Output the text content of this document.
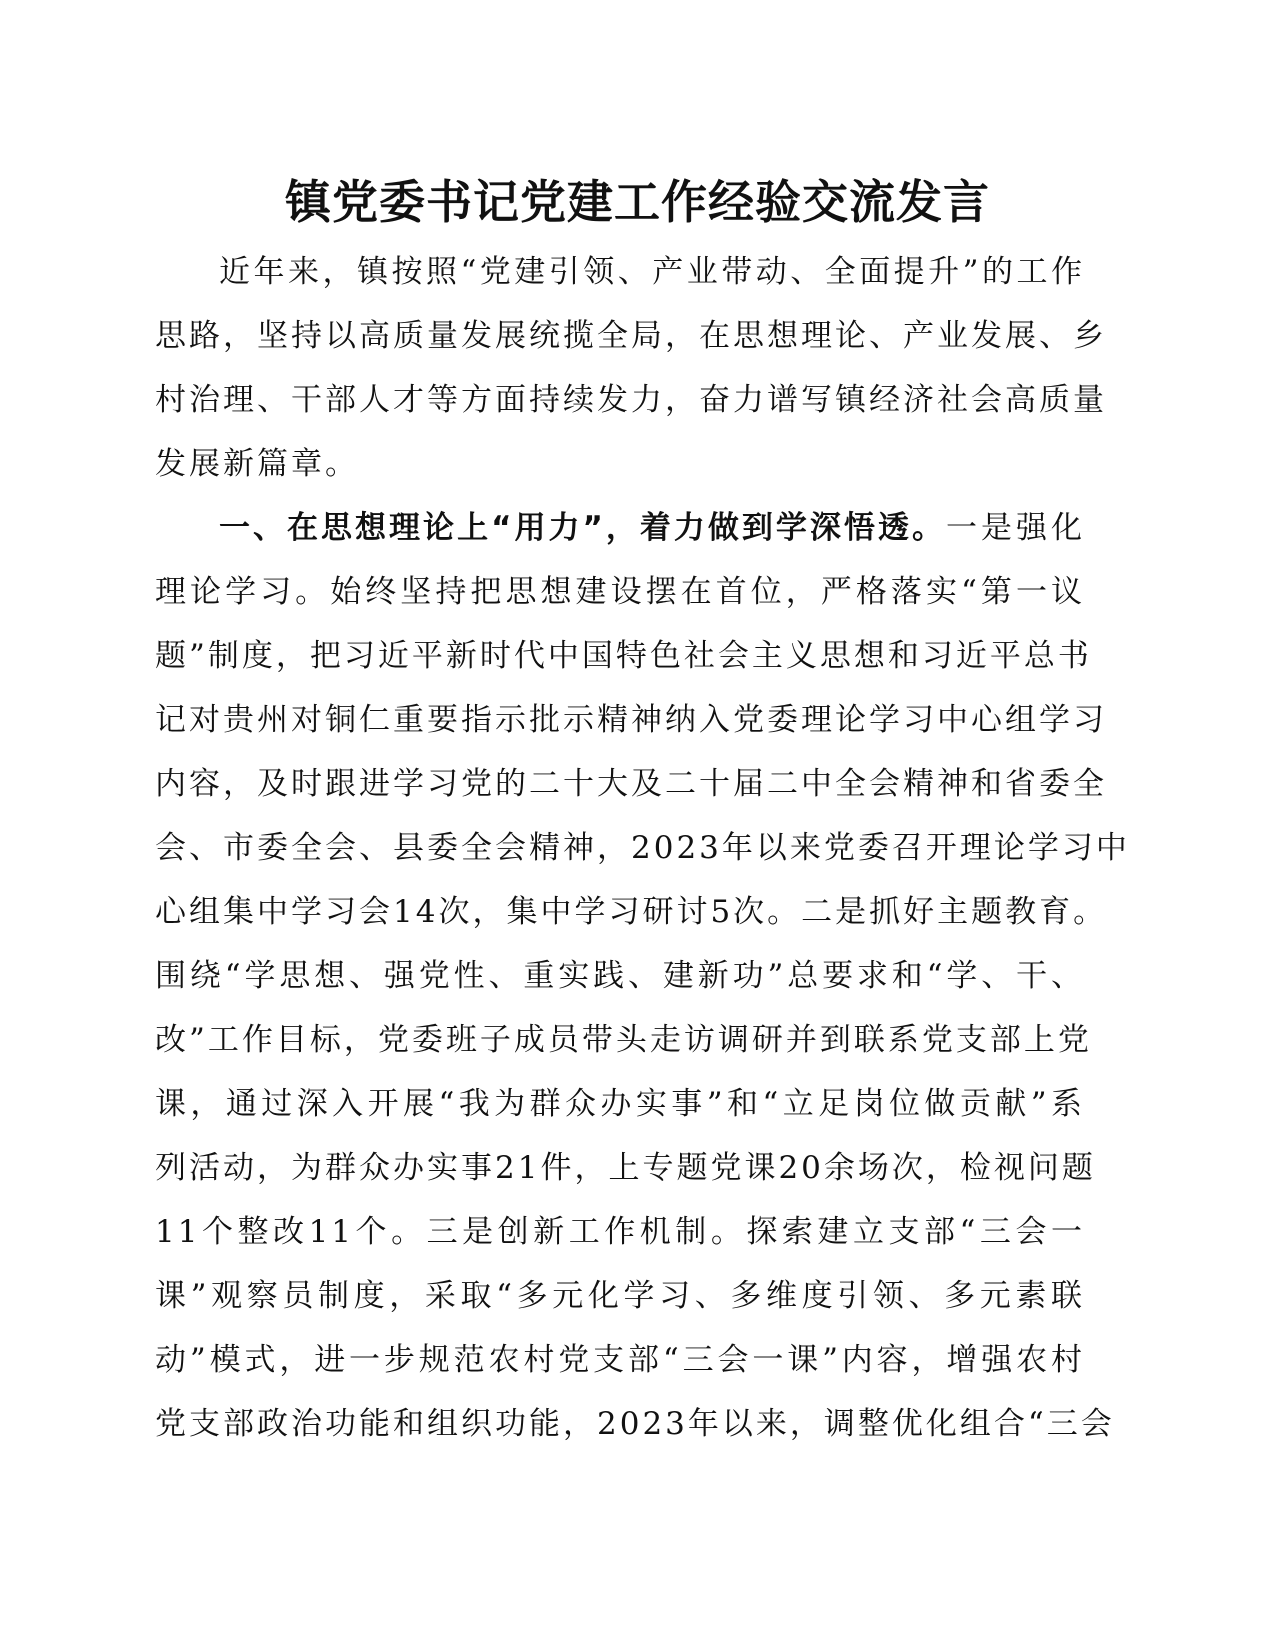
镇党委书记党建工作经验交流发言
近年来，镇按照“党建引领、产业带动、全面提升”的工作
思路，坚持以高质量发展统揽全局，在思想理论、产业发展、乡
村治理、干部人才等方面持续发力，奋力谱写镇经济社会高质量
发展新篇章。
一、在思想理论上“用力”，着力做到学深悟透。一是强化
理论学习。始终坚持把思想建设摆在首位，严格落实“第一议
题”制度，把习近平新时代中国特色社会主义思想和习近平总书
记对贵州对铜仁重要指示批示精神纳入党委理论学习中心组学习
内容，及时跟进学习党的二十大及二十届二中全会精神和省委全
会、市委全会、县委全会精神，2023年以来党委召开理论学习中
心组集中学习会14次，集中学习研讨5次。二是抓好主题教育。
围绕“学思想、强党性、重实践、建新功”总要求和“学、干、
改”工作目标，党委班子成员带头走访调研并到联系党支部上党
课，通过深入开展“我为群众办实事”和“立足岗位做贡献”系
列活动，为群众办实事21件，上专题党课20余场次，检视问题
11个整改11个。三是创新工作机制。探索建立支部“三会一
课”观察员制度，采取“多元化学习、多维度引领、多元素联
动”模式，进一步规范农村党支部“三会一课”内容，增强农村
党支部政治功能和组织功能，2023年以来，调整优化组合“三会
